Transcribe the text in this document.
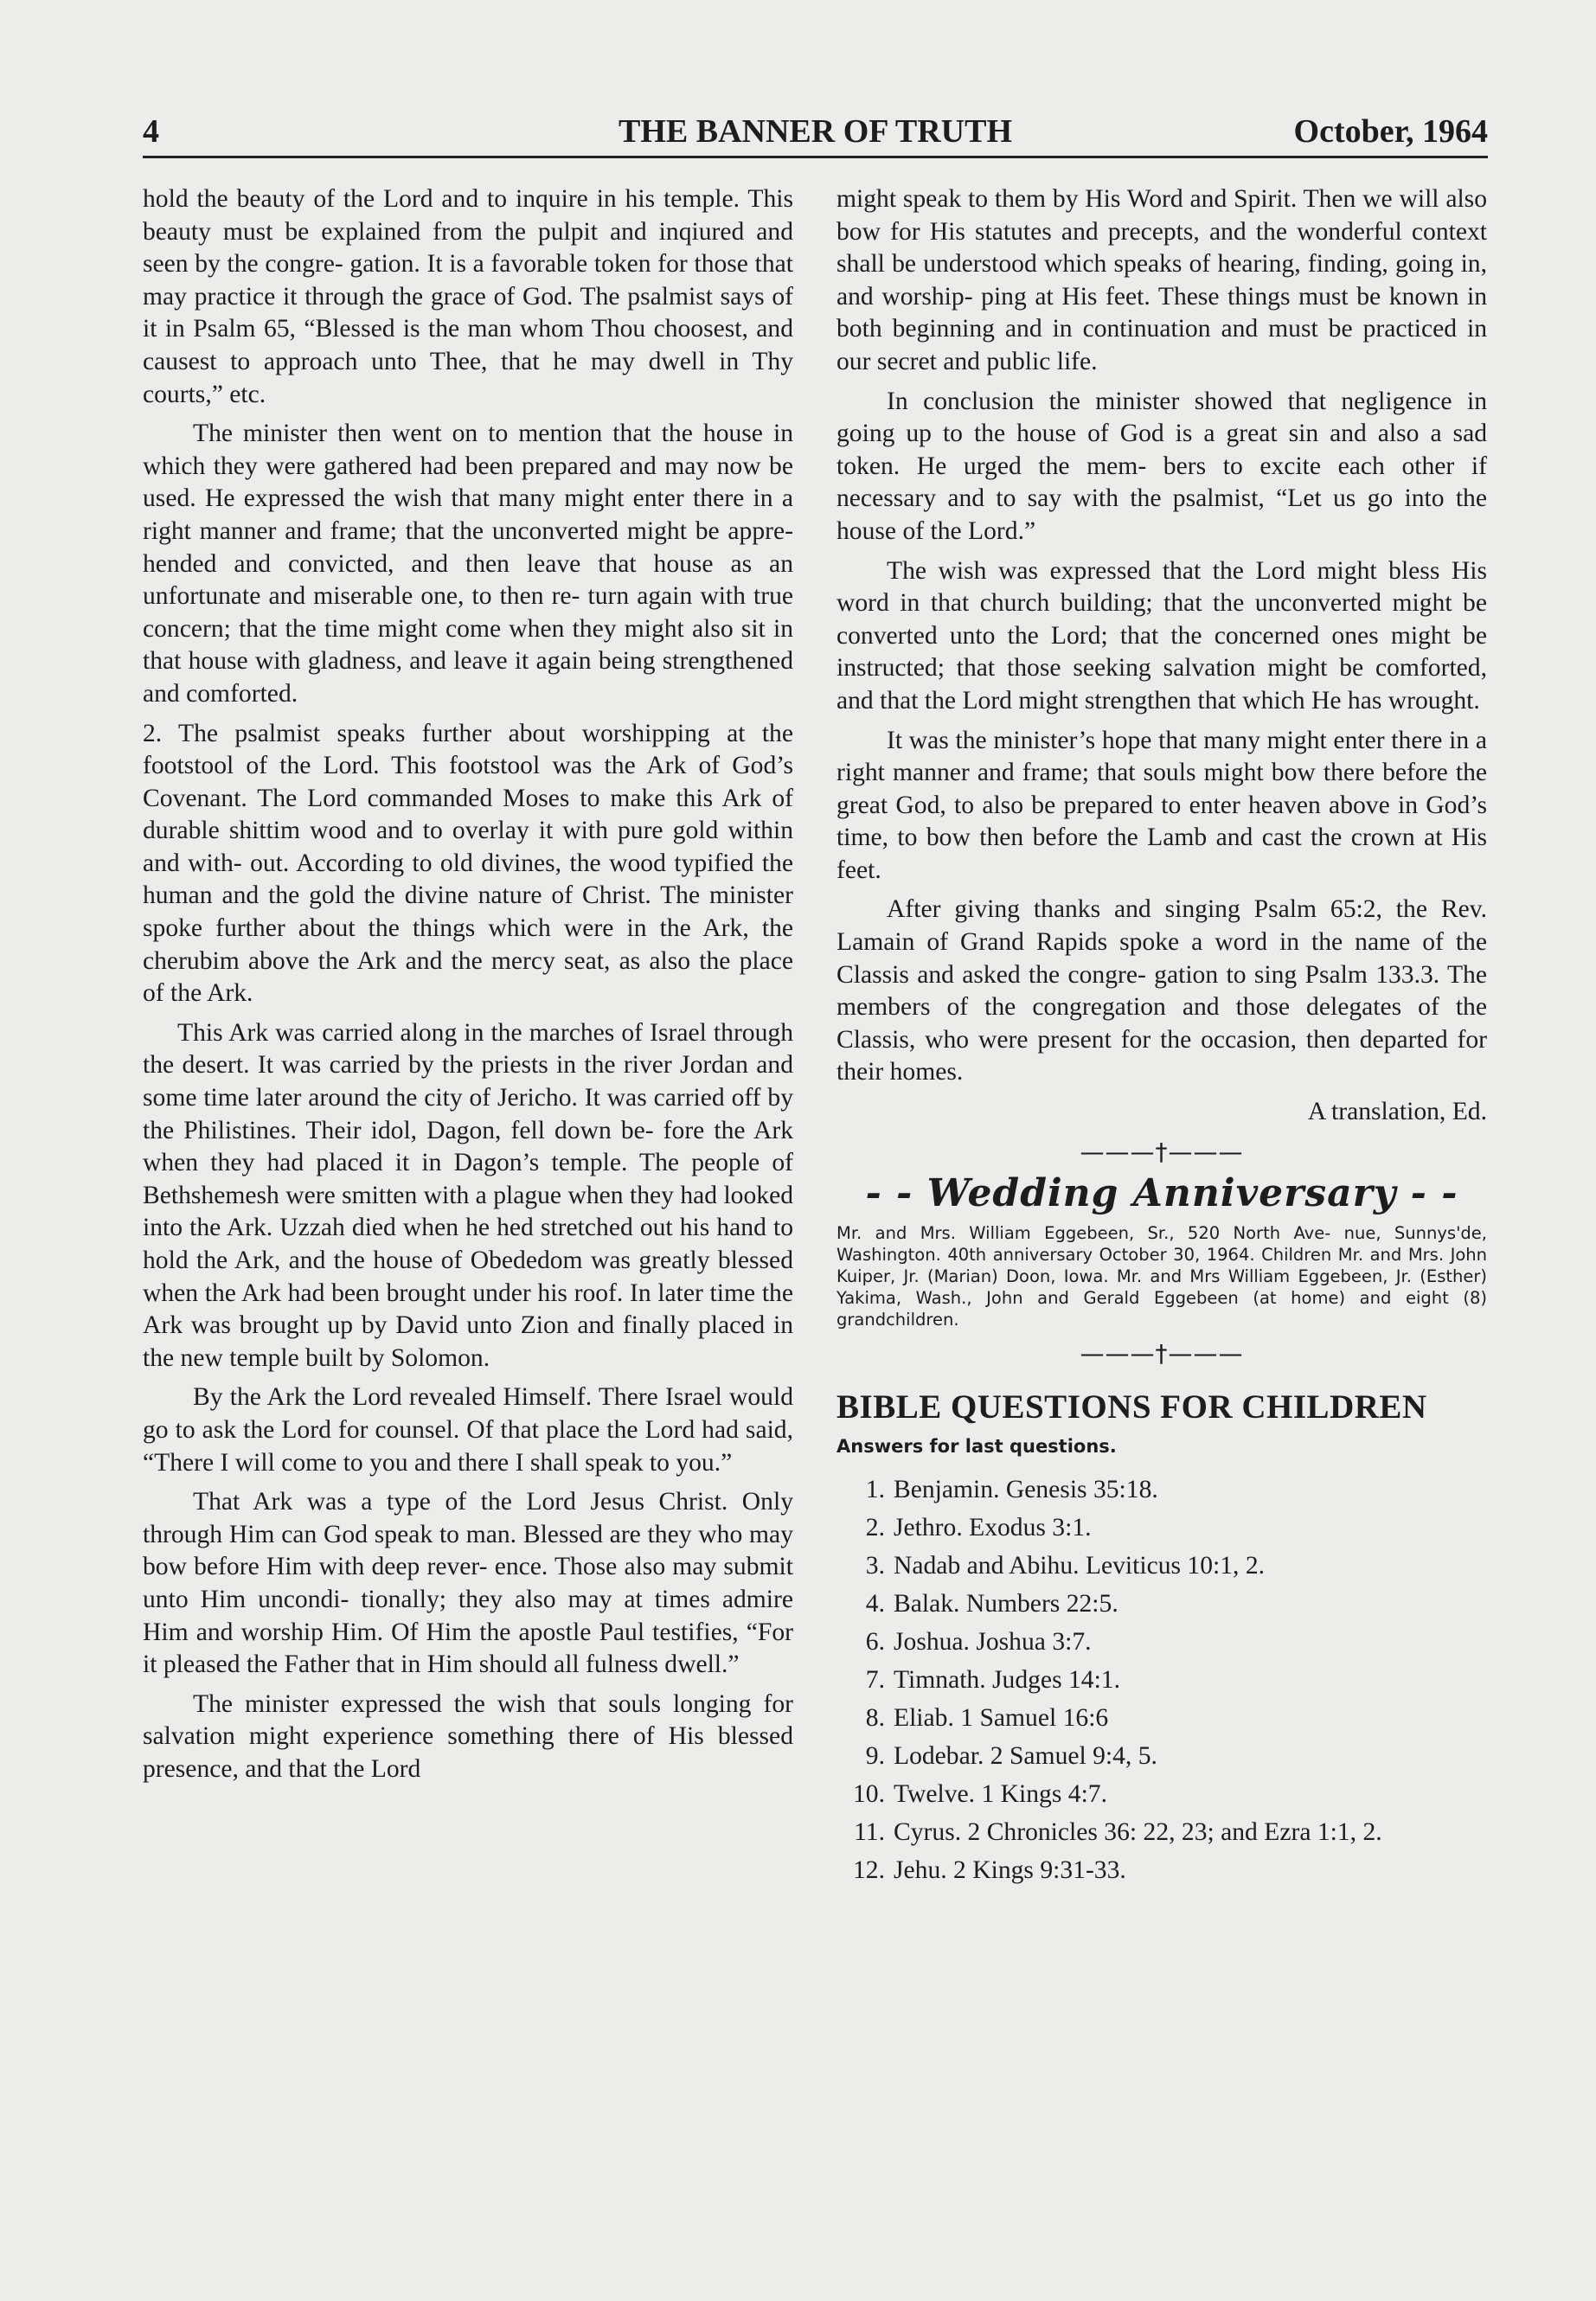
4	THE BANNER OF TRUTH	October, 1964

hold the beauty of the Lord and to inquire in his temple. This beauty must be explained from the pulpit and inqiured and seen by the congre- gation. It is a favorable token for those that may practice it through the grace of God. The psalmist says of it in Psalm 65, “Blessed is the man whom Thou choosest, and causest to approach unto Thee, that he may dwell in Thy courts,” etc.

The minister then went on to mention that the house in which they were gathered had been prepared and may now be used. He expressed the wish that many might enter there in a right manner and frame; that the unconverted might be appre- hended and convicted, and then leave that house as an unfortunate and miserable one, to then re- turn again with true concern; that the time might come when they might also sit in that house with gladness, and leave it again being strengthened and comforted.

2. The psalmist speaks further about worshipping at the footstool of the Lord. This footstool was the Ark of God’s Covenant. The Lord commanded Moses to make this Ark of durable shittim wood and to overlay it with pure gold within and with- out. According to old divines, the wood typified the human and the gold the divine nature of Christ. The minister spoke further about the things which were in the Ark, the cherubim above the Ark and the mercy seat, as also the place of the Ark.

This Ark was carried along in the marches of Israel through the desert. It was carried by the priests in the river Jordan and some time later around the city of Jericho. It was carried off by the Philistines. Their idol, Dagon, fell down be- fore the Ark when they had placed it in Dagon’s temple. The people of Bethshemesh were smitten with a plague when they had looked into the Ark. Uzzah died when he hed stretched out his hand to hold the Ark, and the house of Obededom was greatly blessed when the Ark had been brought under his roof. In later time the Ark was brought up by David unto Zion and finally placed in the new temple built by Solomon.

By the Ark the Lord revealed Himself. There Israel would go to ask the Lord for counsel. Of that place the Lord had said, “There I will come to you and there I shall speak to you.”

That Ark was a type of the Lord Jesus Christ. Only through Him can God speak to man. Blessed are they who may bow before Him with deep rever- ence. Those also may submit unto Him uncondi- tionally; they also may at times admire Him and worship Him. Of Him the apostle Paul testifies, “For it pleased the Father that in Him should all fulness dwell.”

The minister expressed the wish that souls longing for salvation might experience something there of His blessed presence, and that the Lord

might speak to them by His Word and Spirit. Then we will also bow for His statutes and precepts, and the wonderful context shall be understood which speaks of hearing, finding, going in, and worship- ping at His feet. These things must be known in both beginning and in continuation and must be practiced in our secret and public life.

In conclusion the minister showed that negligence in going up to the house of God is a great sin and also a sad token. He urged the mem- bers to excite each other if necessary and to say with the psalmist, “Let us go into the house of the Lord.”

The wish was expressed that the Lord might bless His word in that church building; that the unconverted might be converted unto the Lord; that the concerned ones might be instructed; that those seeking salvation might be comforted, and that the Lord might strengthen that which He has wrought.

It was the minister’s hope that many might enter there in a right manner and frame; that souls might bow there before the great God, to also be prepared to enter heaven above in God’s time, to bow then before the Lamb and cast the crown at His feet.

After giving thanks and singing Psalm 65:2, the Rev. Lamain of Grand Rapids spoke a word in the name of the Classis and asked the congre- gation to sing Psalm 133.3. The members of the congregation and those delegates of the Classis, who were present for the occasion, then departed for their homes.

A translation, Ed.

———†———
- - Wedding Anniversary - -

Mr. and Mrs. William Eggebeen, Sr., 520 North Ave- nue, Sunnys'de, Washington. 40th anniversary October 30, 1964. Children Mr. and Mrs. John Kuiper, Jr. (Marian) Doon, Iowa. Mr. and Mrs William Eggebeen, Jr. (Esther) Yakima, Wash., John and Gerald Eggebeen (at home) and eight (8) grandchildren.

———†———
BIBLE QUESTIONS FOR CHILDREN
Answers for last questions.
1. Benjamin. Genesis 35:18.
2. Jethro. Exodus 3:1.
3. Nadab and Abihu. Leviticus 10:1, 2.
4. Balak. Numbers 22:5.
6. Joshua. Joshua 3:7.
7. Timnath. Judges 14:1.
8. Eliab. 1 Samuel 16:6
9. Lodebar. 2 Samuel 9:4, 5.
10. Twelve. 1 Kings 4:7.
11. Cyrus. 2 Chronicles 36: 22, 23; and Ezra 1:1, 2.
12. Jehu. 2 Kings 9:31-33.
